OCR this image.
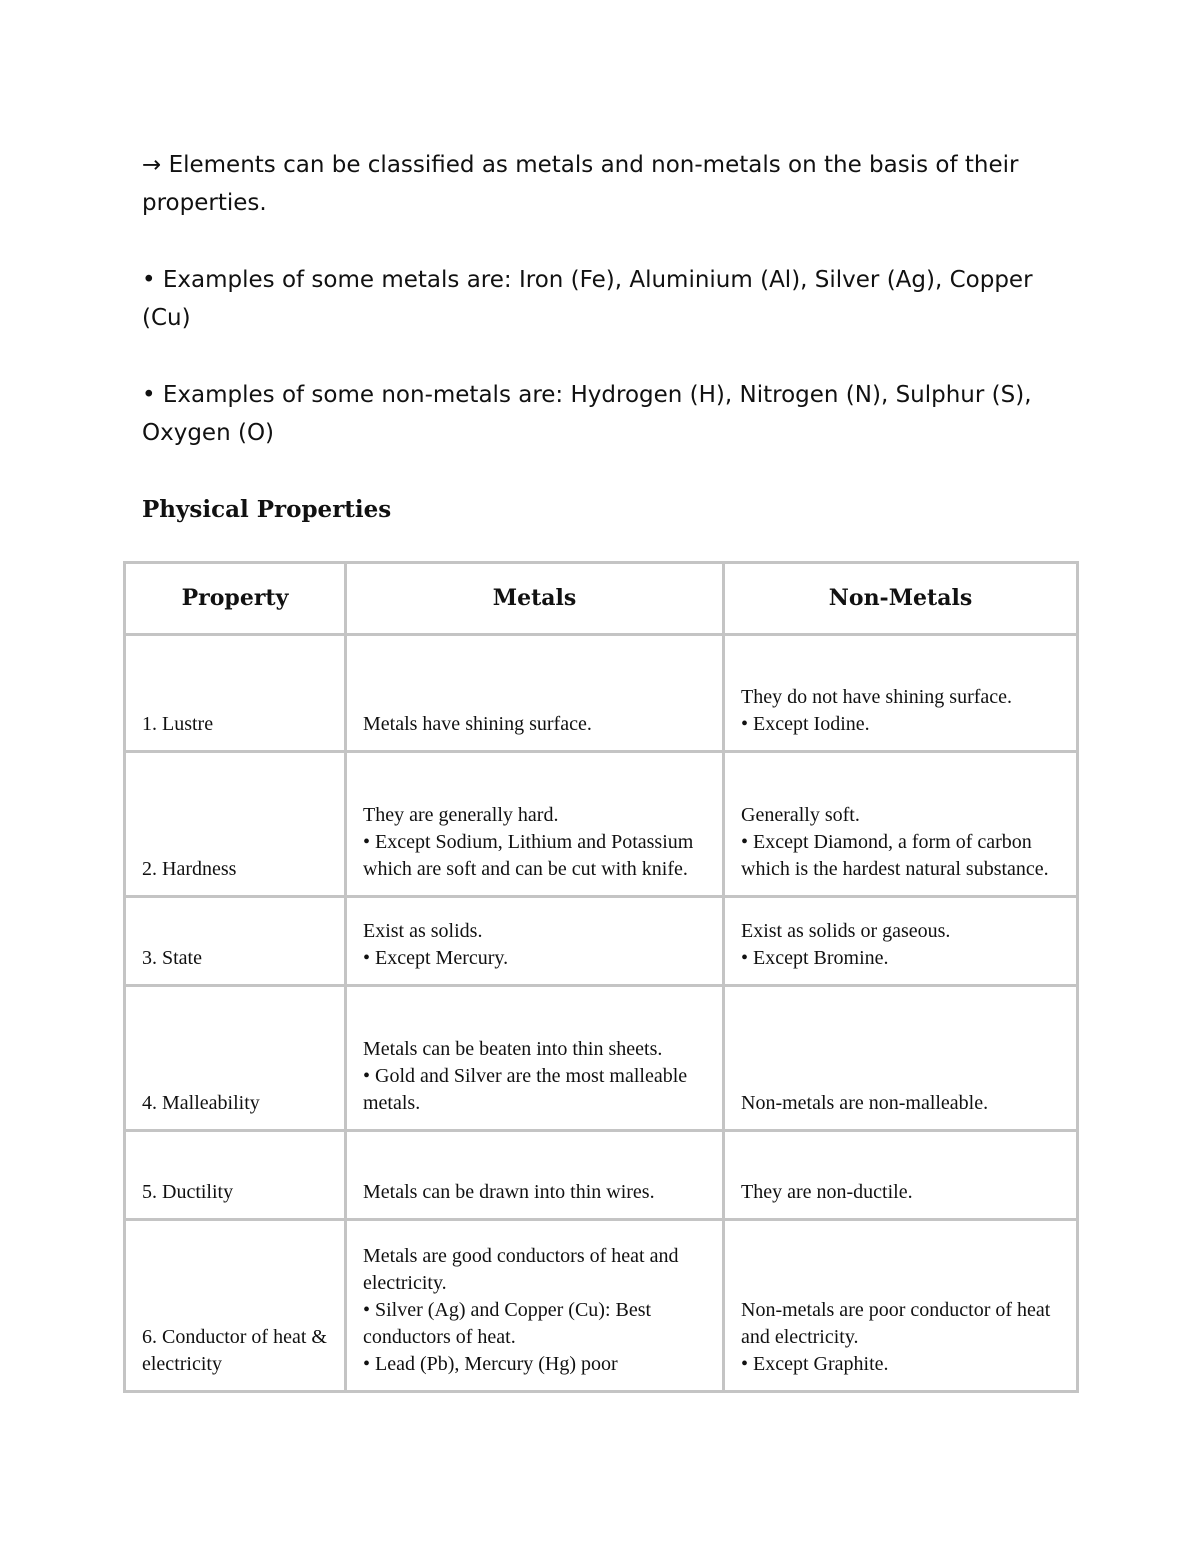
→ Elements can be classified as metals and non-metals on the basis of their properties.
• Examples of some metals are: Iron (Fe), Aluminium (Al), Silver (Ag), Copper (Cu)
• Examples of some non-metals are: Hydrogen (H), Nitrogen (N), Sulphur (S), Oxygen (O)
Physical Properties
Property	Metals	Non-Metals

1. Lustre	Metals have shining surface.	They do not have shining surface.
• Except Iodine.

2. Hardness	They are generally hard.
• Except Sodium, Lithium and Potassium which are soft and can be cut with knife.	Generally soft.
• Except Diamond, a form of carbon which is the hardest natural substance.

3. State	Exist as solids.
• Except Mercury.	Exist as solids or gaseous.
• Except Bromine.

4. Malleability	Metals can be beaten into thin sheets.
• Gold and Silver are the most malleable metals.	Non-metals are non-malleable.

5. Ductility	Metals can be drawn into thin wires.	They are non-ductile.

6. Conductor of heat & electricity	Metals are good conductors of heat and electricity.
• Silver (Ag) and Copper (Cu): Best conductors of heat.
• Lead (Pb), Mercury (Hg) poor	Non-metals are poor conductor of heat and electricity.
• Except Graphite.
